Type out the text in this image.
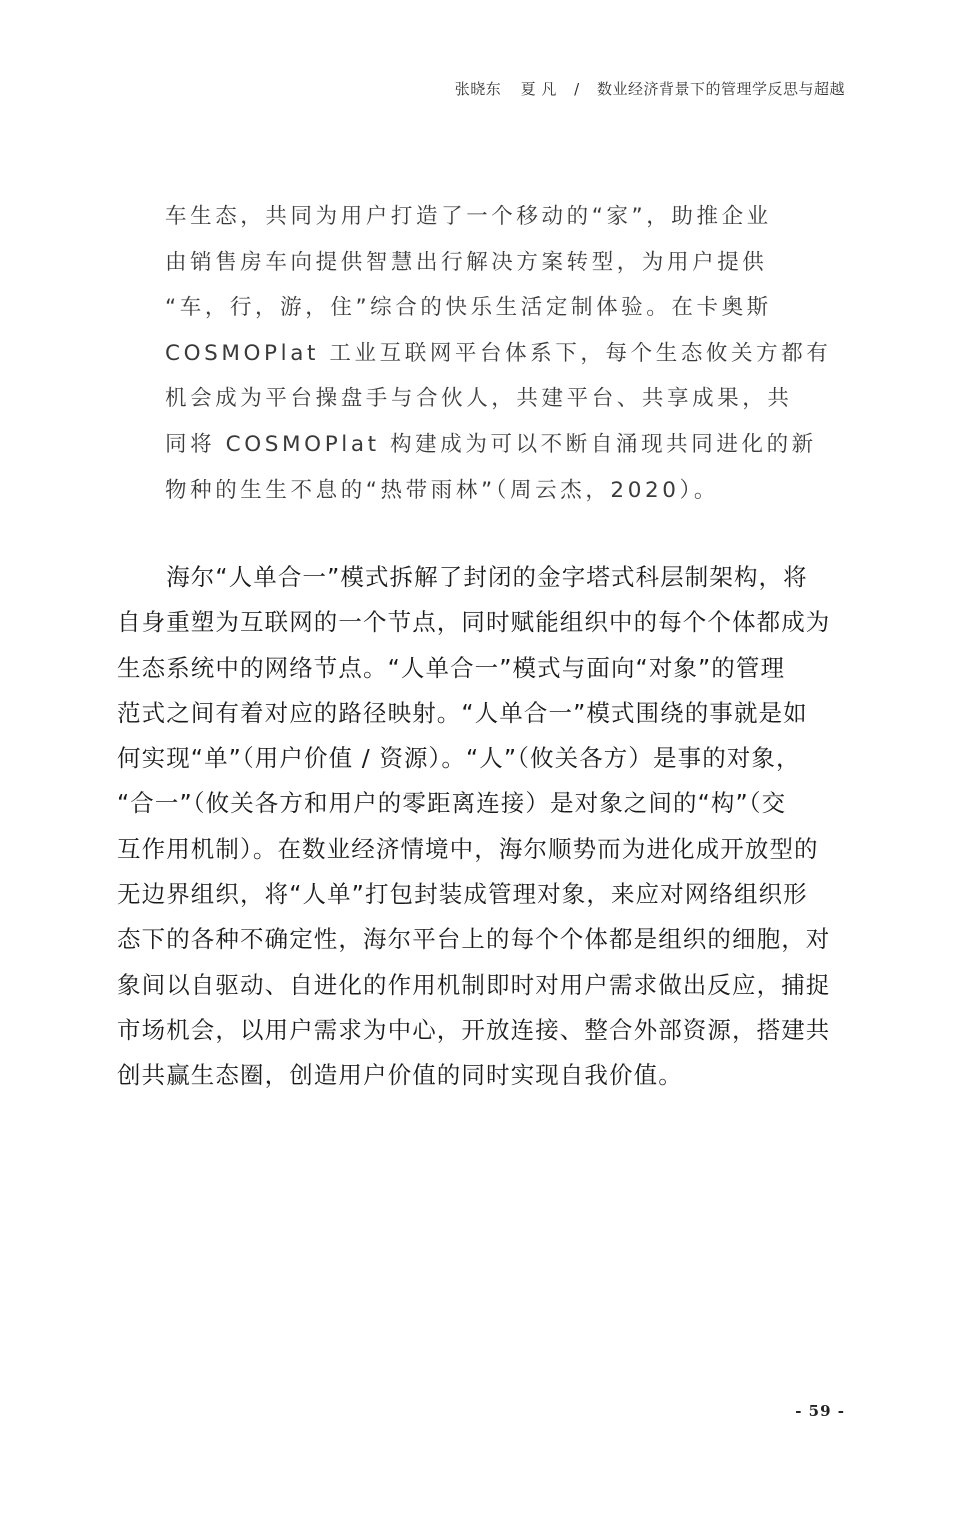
张晓东 夏 凡 / 数业经济背景下的管理学反思与超越
车生态，共同为用户打造了一个移动的“家”，助推企业
由销售房车向提供智慧出行解决方案转型，为用户提供
“车，行，游，住”综合的快乐生活定制体验。在卡奥斯
COSMOPlat 工业互联网平台体系下，每个生态攸关方都有
机会成为平台操盘手与合伙人，共建平台、共享成果，共
同将 COSMOPlat 构建成为可以不断自涌现共同进化的新
物种的生生不息的“热带雨林”（周云杰，2020）。
　　海尔“人单合一”模式拆解了封闭的金字塔式科层制架构，将
自身重塑为互联网的一个节点，同时赋能组织中的每个个体都成为
生态系统中的网络节点。“人单合一”模式与面向“对象”的管理
范式之间有着对应的路径映射。“人单合一”模式围绕的事就是如
何实现“单”（用户价值 / 资源）。“人”（攸关各方）是事的对象，
“合一”（攸关各方和用户的零距离连接）是对象之间的“构”（交
互作用机制）。在数业经济情境中，海尔顺势而为进化成开放型的
无边界组织，将“人单”打包封装成管理对象，来应对网络组织形
态下的各种不确定性，海尔平台上的每个个体都是组织的细胞，对
象间以自驱动、自进化的作用机制即时对用户需求做出反应，捕捉
市场机会，以用户需求为中心，开放连接、整合外部资源，搭建共
创共赢生态圈，创造用户价值的同时实现自我价值。
- 59 -
